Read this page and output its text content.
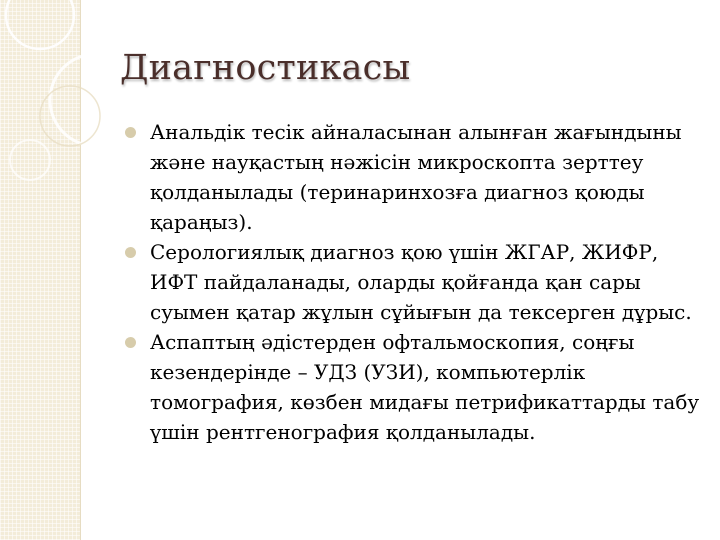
Диагностикасы
Анальдік тесік айналасынан алынған жағындыны және науқастың нәжісін микроскопта зерттеу қолданылады (теринаринхозға диагноз қоюды қараңыз).
Серологиялық диагноз қою үшін ЖГАР, ЖИФР, ИФТ пайдаланады, оларды қойғанда қан сары суымен қатар жұлын сұйығын да тексерген дұрыс.
Аспаптың әдістерден офтальмоскопия, соңғы кезендерінде – УДЗ (УЗИ), компьютерлік томография, көзбен мидағы петрификаттарды табу үшін рентгенография қолданылады.
